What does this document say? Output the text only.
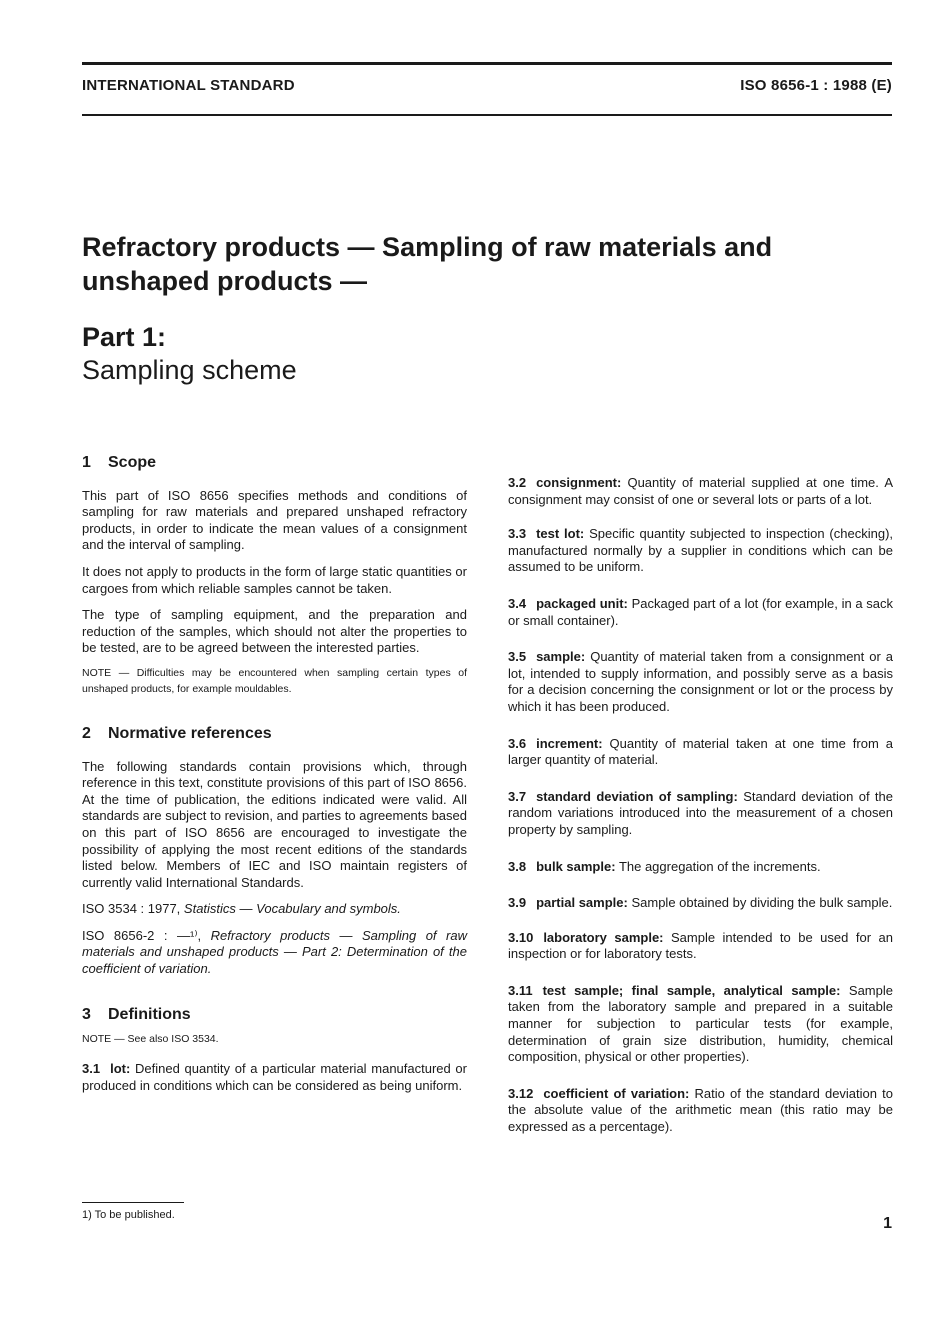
INTERNATIONAL STANDARD	ISO 8656-1 : 1988 (E)
Refractory products — Sampling of raw materials and unshaped products —
Part 1:
Sampling scheme
1 Scope

This part of ISO 8656 specifies methods and conditions of sampling for raw materials and prepared unshaped refractory products, in order to indicate the mean values of a consignment and the interval of sampling.

It does not apply to products in the form of large static quantities or cargoes from which reliable samples cannot be taken.

The type of sampling equipment, and the preparation and reduction of the samples, which should not alter the properties to be tested, are to be agreed between the interested parties.

NOTE — Difficulties may be encountered when sampling certain types of unshaped products, for example mouldables.

2 Normative references

The following standards contain provisions which, through reference in this text, constitute provisions of this part of ISO 8656. At the time of publication, the editions indicated were valid. All standards are subject to revision, and parties to agreements based on this part of ISO 8656 are encouraged to investigate the possibility of applying the most recent editions of the standards listed below. Members of IEC and ISO maintain registers of currently valid International Standards.

ISO 3534 : 1977, Statistics — Vocabulary and symbols.

ISO 8656-2 : —¹⁾, Refractory products — Sampling of raw materials and unshaped products — Part 2: Determination of the coefficient of variation.

3 Definitions

NOTE — See also ISO 3534.

3.1 lot: Defined quantity of a particular material manufactured or produced in conditions which can be considered as being uniform.

3.2 consignment: Quantity of material supplied at one time. A consignment may consist of one or several lots or parts of a lot.

3.3 test lot: Specific quantity subjected to inspection (checking), manufactured normally by a supplier in conditions which can be assumed to be uniform.

3.4 packaged unit: Packaged part of a lot (for example, in a sack or small container).

3.5 sample: Quantity of material taken from a consignment or a lot, intended to supply information, and possibly serve as a basis for a decision concerning the consignment or lot or the process by which it has been produced.

3.6 increment: Quantity of material taken at one time from a larger quantity of material.

3.7 standard deviation of sampling: Standard deviation of the random variations introduced into the measurement of a chosen property by sampling.

3.8 bulk sample: The aggregation of the increments.

3.9 partial sample: Sample obtained by dividing the bulk sample.

3.10 laboratory sample: Sample intended to be used for an inspection or for laboratory tests.

3.11 test sample; final sample, analytical sample: Sample taken from the laboratory sample and prepared in a suitable manner for subjection to particular tests (for example, determination of grain size distribution, humidity, chemical composition, physical or other properties).

3.12 coefficient of variation: Ratio of the standard deviation to the absolute value of the arithmetic mean (this ratio may be expressed as a percentage).

1) To be published.	1
